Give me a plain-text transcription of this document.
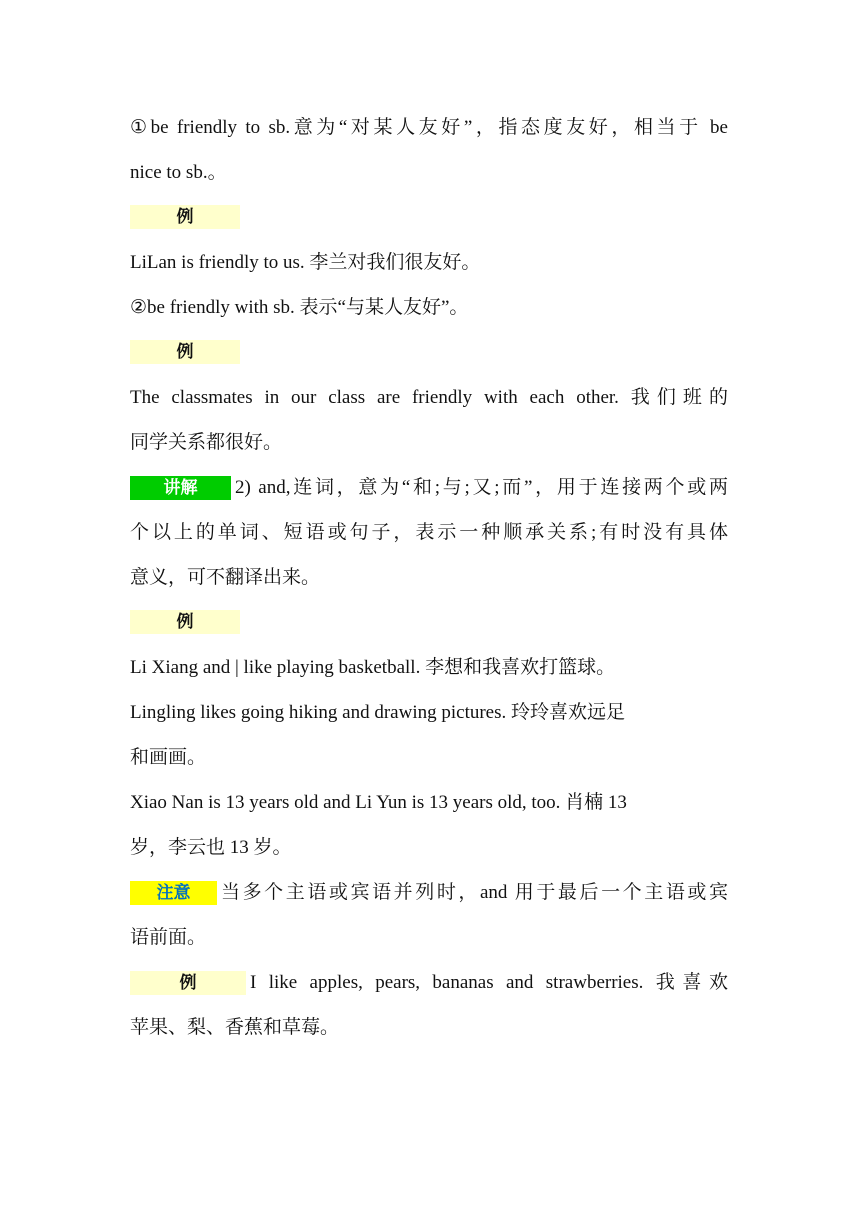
①be friendly to sb.意为“对某人友好”，指态度友好，相当于 be
nice to sb.。
例
LiLan is friendly to us. 李兰对我们很友好。
②be friendly with sb. 表示“与某人友好”。
例
The classmates in our class are friendly with each other. 我们班的
同学关系都很好。
讲解	2) and,连词，意为“和;与;又;而”，用于连接两个或两
个以上的单词、短语或句子，表示一种顺承关系;有时没有具体
意义，可不翻译出来。
例
Li Xiang and | like playing basketball. 李想和我喜欢打篮球。
Lingling likes going hiking and drawing pictures. 玲玲喜欢远足
和画画。
Xiao Nan is 13 years old and Li Yun is 13 years old, too. 肖楠 13
岁，李云也 13 岁。
注意	当多个主语或宾语并列时，and 用于最后一个主语或宾
语前面。
例	I like apples, pears, bananas and strawberries. 我喜欢
苹果、梨、香蕉和草莓。
